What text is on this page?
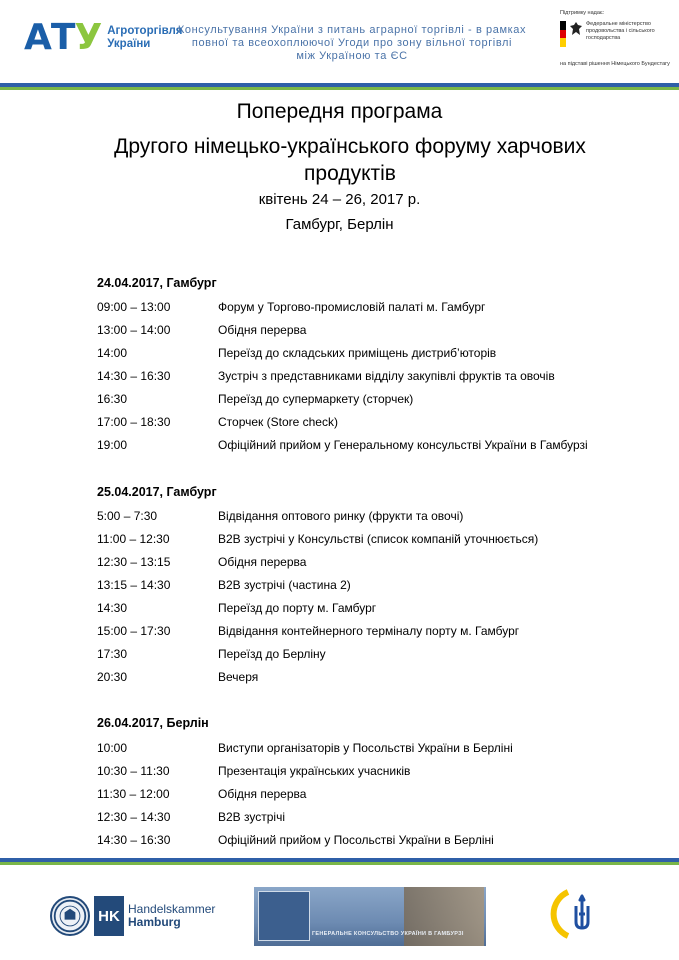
АТУ Агроторгівля
України
Консультування України з питань аграрної торгівлі - в рамках
повної та всеохоплюючої Угоди про зону вільної торгівлі
між Україною та ЄС
Підтримку надає:
Федеральне міністерство продовольства і сільського господарства
на підставі рішення Німецького Бундестагу
Попередня програма
Другого німецько-українського форуму харчових продуктів
квітень 24 – 26, 2017 р.
Гамбург, Берлін
24.04.2017, Гамбург
09:00 – 13:00	Форум у Торгово-промисловій палаті м. Гамбург
13:00 – 14:00	Обідня перерва
14:00	Переїзд до складських приміщень дистриб’юторів
14:30 – 16:30	Зустріч з представниками відділу закупівлі фруктів та овочів
16:30	Переїзд до супермаркету (сторчек)
17:00 – 18:30	Сторчек (Store check)
19:00	Офіційний прийом у Генеральному консульстві України в Гамбурзі
25.04.2017, Гамбург
5:00 – 7:30	Відвідання оптового ринку (фрукти та овочі)
11:00 – 12:30	B2B зустрічі у Консульстві (список компаній уточнюється)
12:30 – 13:15	Обідня перерва
13:15 – 14:30	B2B зустрічі (частина 2)
14:30	Переїзд до порту м. Гамбург
15:00 – 17:30	Відвідання контейнерного терміналу порту м. Гамбург
17:30	Переїзд до Берліну
20:30	Вечеря
26.04.2017, Берлін
10:00	Виступи організаторів у Посольстві України в Берліні
10:30 – 11:30	Презентація українських учасників
11:30 – 12:00	Обідня перерва
12:30 – 14:30	B2B зустрічі
14:30 – 16:30	Офіційний прийом у Посольстві України в Берліні
HK Handelskammer
Hamburg
ГЕНЕРАЛЬНЕ КОНСУЛЬСТВО УКРАЇНИ В ГАМБУРЗІ
